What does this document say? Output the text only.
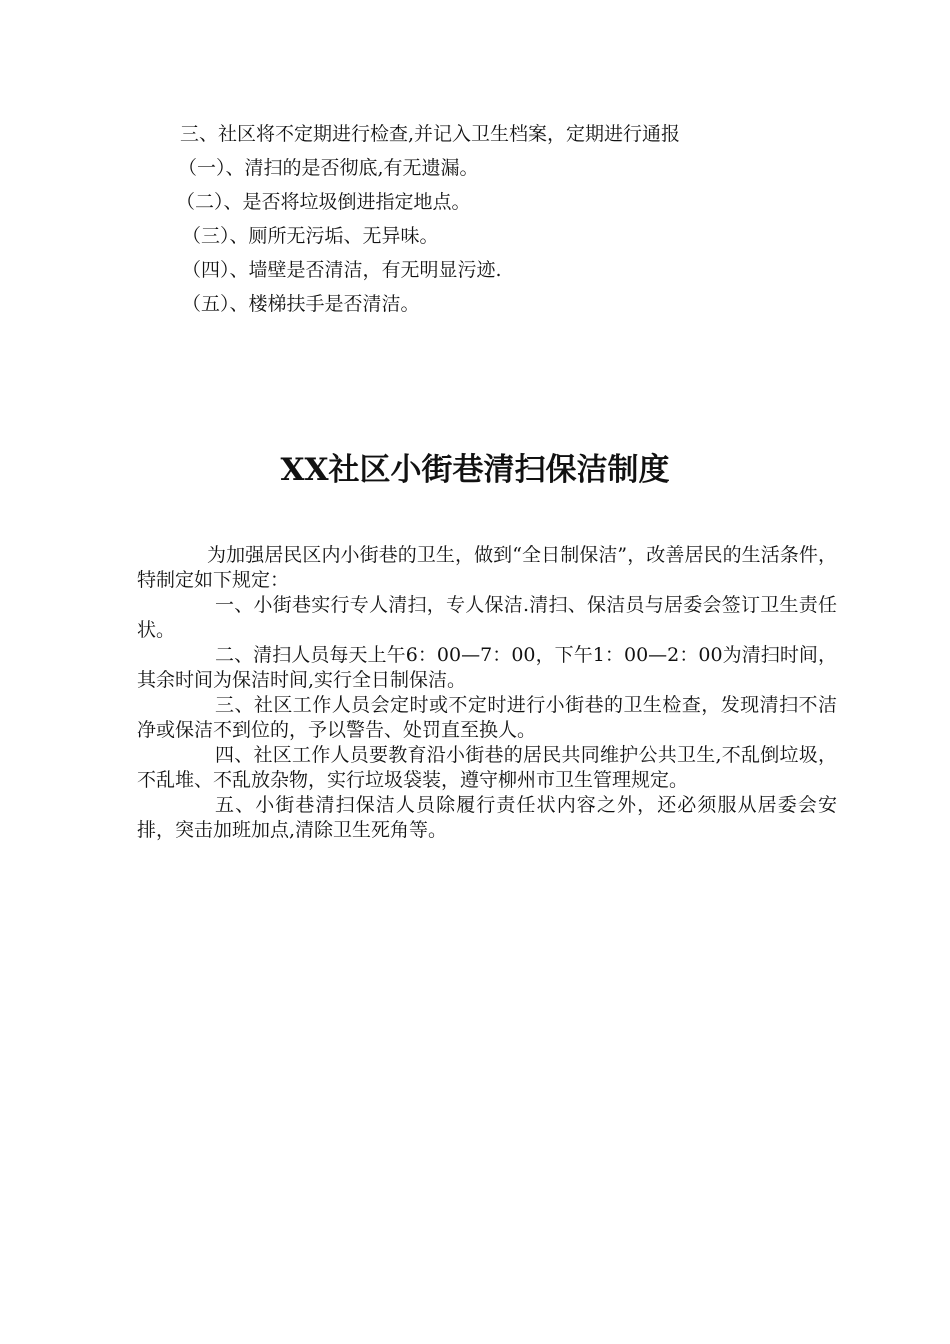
三、社区将不定期进行检查,并记入卫生档案，定期进行通报
（一）、清扫的是否彻底,有无遗漏。
（二）、是否将垃圾倒进指定地点。
（三）、厕所无污垢、无异味。
（四）、墙壁是否清洁，有无明显污迹.
（五）、楼梯扶手是否清洁。
XX社区小街巷清扫保洁制度

为加强居民区内小街巷的卫生，做到“全日制保洁”，改善居民的生活条件，特制定如下规定：

一、小街巷实行专人清扫，专人保洁.清扫、保洁员与居委会签订卫生责任状。

二、清扫人员每天上午6：00—7：00，下午1：00—2：00为清扫时间，其余时间为保洁时间,实行全日制保洁。

三、社区工作人员会定时或不定时进行小街巷的卫生检查，发现清扫不洁净或保洁不到位的，予以警告、处罚直至换人。

四、社区工作人员要教育沿小街巷的居民共同维护公共卫生,不乱倒垃圾，不乱堆、不乱放杂物，实行垃圾袋装，遵守柳州市卫生管理规定。

五、小街巷清扫保洁人员除履行责任状内容之外，还必须服从居委会安排，突击加班加点,清除卫生死角等。
